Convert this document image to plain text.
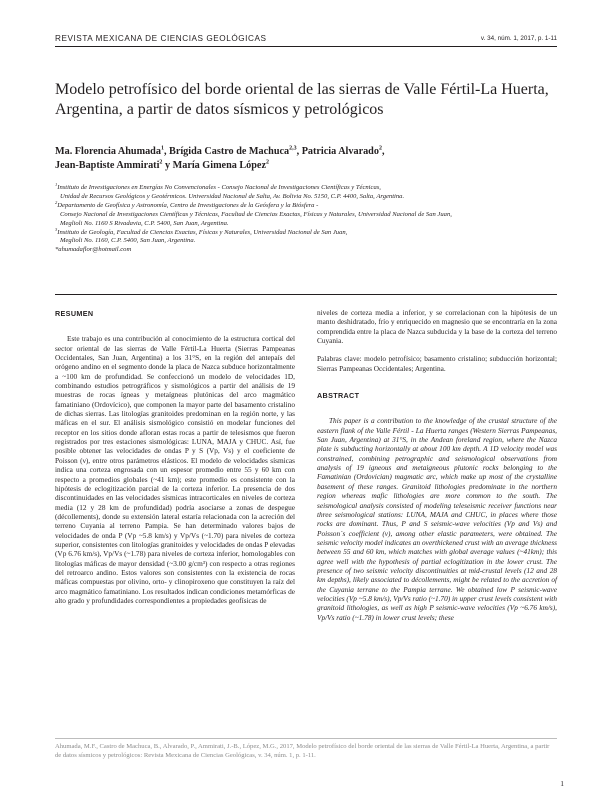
REVISTA MEXICANA DE CIENCIAS GEOLÓGICAS	v. 34, núm. 1, 2017, p. 1-11
Modelo petrofísico del borde oriental de las sierras de Valle Fértil-La Huerta,
Argentina, a partir de datos sísmicos y petrológicos
Ma. Florencia Ahumada$^1$, Brígida Castro de Machuca$^{2,3}$, Patricia Alvarado$^2$,
Jean-Baptiste Ammirati$^2$ y María Gimena López$^2$

$^1$Instituto de Investigaciones en Energías No Convencionales - Consejo Nacional de Investigaciones Científicas y Técnicas,

Unidad de Recursos Geológicos y Geotérmicos. Universidad Nacional de Salta, Av. Bolivia No. 5150, C.P. 4400, Salta, Argentina.

$^2$Departamento de Geofísica y Astronomía, Centro de Investigaciones de la Geósfera y la Biósfera -

Consejo Nacional de Investigaciones Científicas y Técnicas, Facultad de Ciencias Exactas, Físicas y Naturales, Universidad Nacional de San Juan,

Meglioli No. 1160 S Rivadavia, C.P. 5400, San Juan, Argentina.

$^3$Instituto de Geología, Facultad de Ciencias Exactas, Físicas y Naturales, Universidad Nacional de San Juan,

Meglioli No. 1160, C.P. 5400, San Juan, Argentina.

*ahumadaflor@hotmail.com

RESUMEN

Este trabajo es una contribución al conocimiento de la estructura cortical del sector oriental de las sierras de Valle Fértil-La Huerta (Sierras Pampeanas Occidentales, San Juan, Argentina) a los 31°S, en la región del antepaís del orógeno andino en el segmento donde la placa de Nazca subduce horizontalmente a ~100 km de profundidad. Se confeccionó un modelo de velocidades 1D, combinando estudios petrográficos y sismológicos a partir del análisis de 19 muestras de rocas ígneas y metaígneas plutónicas del arco magmático famatiniano (Ordovícico), que componen la mayor parte del basamento cristalino de dichas sierras. Las litologías granitoides predominan en la región norte, y las máficas en el sur. El análisis sismológico consistió en modelar funciones del receptor en los sitios donde afloran estas rocas a partir de telesismos que fueron registrados por tres estaciones sismológicas: LUNA, MAJA y CHUC. Así, fue posible obtener las velocidades de ondas P y S (Vp, Vs) y el coeficiente de Poisson (ν), entre otros parámetros elásticos. El modelo de velocidades sísmicas indica una corteza engrosada con un espesor promedio entre 55 y 60 km con respecto a promedios globales (~41 km); este promedio es consistente con la hipótesis de eclogitización parcial de la corteza inferior. La presencia de dos discontinuidades en las velocidades sísmicas intracorticales en niveles de corteza media (12 y 28 km de profundidad) podría asociarse a zonas de despegue (décollements), donde su extensión lateral estaría relacionada con la acreción del terreno Cuyania al terreno Pampia. Se han determinado valores bajos de velocidades de onda P (Vp ~5.8 km/s) y Vp/Vs (~1.70) para niveles de corteza superior, consistentes con litologías granitoides y velocidades de ondas P elevadas (Vp 6.76 km/s), Vp/Vs (~1.78) para niveles de corteza inferior, homologables con litologías máficas de mayor densidad (~3.00 g/cm³) con respecto a otras regiones del retroarco andino. Estos valores son consistentes con la existencia de rocas máficas compuestas por olivino, orto- y clinopiroxeno que constituyen la raíz del arco magmático famatiniano. Los resultados indican condiciones metamórficas de alto grado y profundidades correspondientes a propiedades geofísicas de

niveles de corteza media a inferior, y se correlacionan con la hipótesis de un manto deshidratado, frío y enriquecido en magnesio que se encontraría en la zona comprendida entre la placa de Nazca subducida y la base de la corteza del terreno Cuyania.

Palabras clave: modelo petrofísico; basamento cristalino; subducción horizontal; Sierras Pampeanas Occidentales; Argentina.

ABSTRACT

This paper is a contribution to the knowledge of the crustal structure of the eastern flank of the Valle Fértil - La Huerta ranges (Western Sierras Pampeanas, San Juan, Argentina) at 31°S, in the Andean foreland region, where the Nazca plate is subducting horizontally at about 100 km depth. A 1D velocity model was constrained, combining petrographic and seismological observations from analysis of 19 igneous and metaigneous plutonic rocks belonging to the Famatinian (Ordovician) magmatic arc, which make up most of the crystalline basement of these ranges. Granitoid lithologies predominate in the northern region whereas mafic lithologies are more common to the south. The seismological analysis consisted of modeling teleseismic receiver functions near three seismological stations: LUNA, MAJA and CHUC, in places where those rocks are dominant. Thus, P and S seismic-wave velocities (Vp and Vs) and Poisson´s coefficient (ν), among other elastic parameters, were obtained. The seismic velocity model indicates an overthickened crust with an average thickness between 55 and 60 km, which matches with global average values (~41km); this agree well with the hypothesis of partial eclogitization in the lower crust. The presence of two seismic velocity discontinuities at mid-crustal levels (12 and 28 km depths), likely associated to décollements, might be related to the accretion of the Cuyania terrane to the Pampia terrane. We obtained low P seismic-wave velocities (Vp ~5.8 km/s), Vp/Vs ratio (~1.70) in upper crust levels consistent with granitoid lithologies, as well as high P seismic-wave velocities (Vp ~6.76 km/s), Vp/Vs ratio (~1.78) in lower crust levels; these

Ahumada, M.F., Castro de Machuca, B., Alvarado, P., Ammirati, J.-B., López, M.G., 2017, Modelo petrofísico del borde oriental de las sierras de Valle Fértil-La Huerta, Argentina, a partir de datos sísmicos y petrológicos: Revista Mexicana de Ciencias Geológicas, v. 34, núm. 1, p. 1-11.
1
